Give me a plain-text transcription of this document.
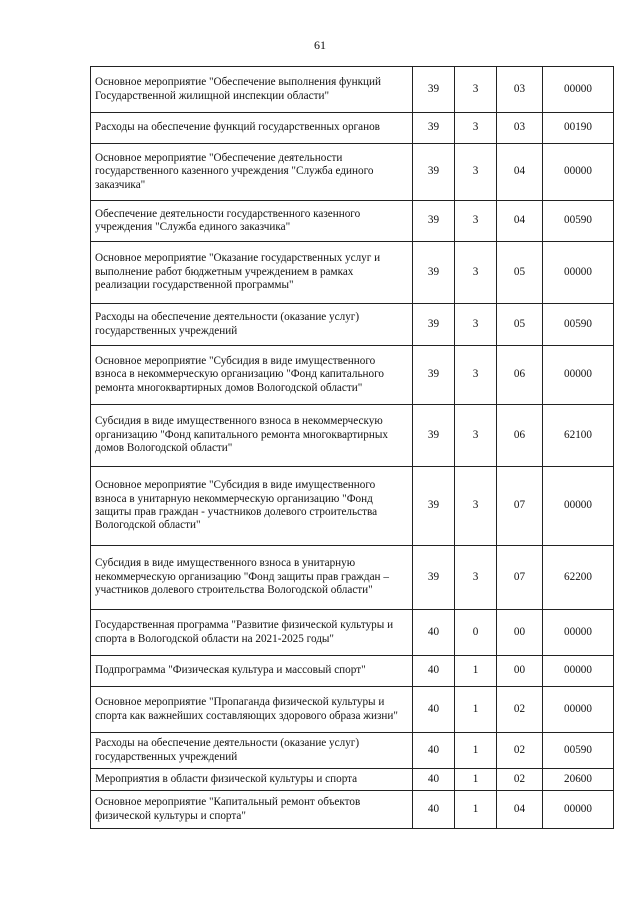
61
Основное мероприятие "Обеспечение выполнения функций Государственной жилищной инспекции области"	39	3	03	00000
Расходы на обеспечение функций государственных органов	39	3	03	00190
Основное мероприятие "Обеспечение деятельности государственного казенного учреждения "Служба единого заказчика"	39	3	04	00000
Обеспечение деятельности государственного казенного учреждения "Служба единого заказчика"	39	3	04	00590
Основное мероприятие "Оказание государственных услуг и выполнение работ бюджетным учреждением в рамках реализации государственной программы"	39	3	05	00000
Расходы на обеспечение деятельности (оказание услуг) государственных учреждений	39	3	05	00590
Основное мероприятие "Субсидия в виде имущественного взноса в некоммерческую организацию "Фонд капитального ремонта многоквартирных домов Вологодской области"	39	3	06	00000
Субсидия в виде имущественного взноса в некоммерческую организацию "Фонд капитального ремонта многоквартирных домов Вологодской области"	39	3	06	62100
Основное мероприятие "Субсидия в виде имущественного взноса в унитарную некоммерческую организацию "Фонд защиты прав граждан - участников долевого строительства Вологодской области"	39	3	07	00000
Субсидия в виде имущественного взноса в унитарную некоммерческую организацию "Фонд защиты прав граждан – участников долевого строительства Вологодской области"	39	3	07	62200
Государственная программа "Развитие физической культуры и спорта в Вологодской области на 2021-2025 годы"	40	0	00	00000
Подпрограмма "Физическая культура и массовый спорт"	40	1	00	00000
Основное мероприятие "Пропаганда физической культуры и спорта как важнейших составляющих здорового образа жизни"	40	1	02	00000
Расходы на обеспечение деятельности (оказание услуг) государственных учреждений	40	1	02	00590
Мероприятия в области физической культуры и спорта	40	1	02	20600
Основное мероприятие "Капитальный ремонт объектов физической культуры и спорта"	40	1	04	00000
